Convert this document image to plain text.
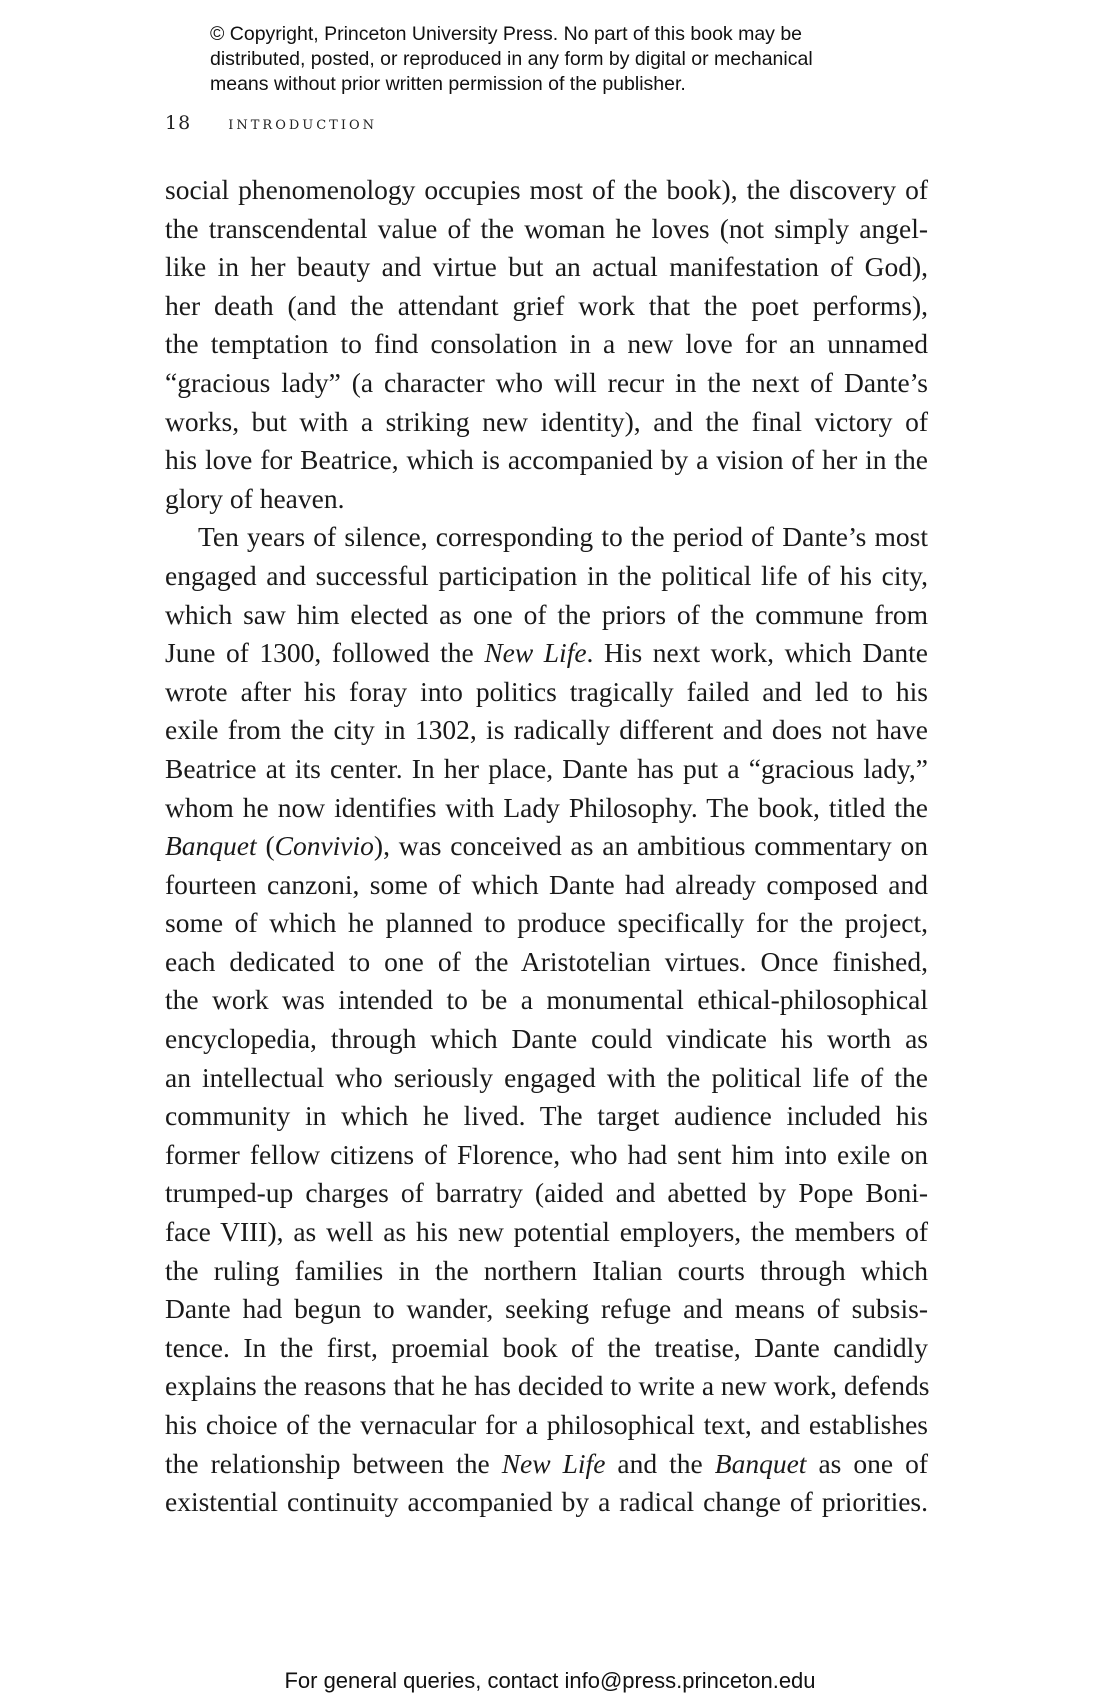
© Copyright, Princeton University Press. No part of this book may be
distributed, posted, or reproduced in any form by digital or mechanical
means without prior written permission of the publisher.
18 introduction
social phenomenology occupies most of the book), the discovery of
the transcendental value of the woman he loves (not simply angel-
like in her beauty and virtue but an actual manifestation of God),
her death (and the attendant grief work that the poet performs),
the temptation to find consolation in a new love for an unnamed
“gracious lady” (a character who will recur in the next of Dante’s
works, but with a striking new identity), and the final victory of
his love for Beatrice, which is accompanied by a vision of her in the
glory of heaven.
Ten years of silence, corresponding to the period of Dante’s most
engaged and successful participation in the political life of his city,
which saw him elected as one of the priors of the commune from
June of 1300, followed the New Life. His next work, which Dante
wrote after his foray into politics tragically failed and led to his
exile from the city in 1302, is radically different and does not have
Beatrice at its center. In her place, Dante has put a “gracious lady,”
whom he now identifies with Lady Philosophy. The book, titled the
Banquet (Convivio), was conceived as an ambitious commentary on
fourteen canzoni, some of which Dante had already composed and
some of which he planned to produce specifically for the project,
each dedicated to one of the Aristotelian virtues. Once finished,
the work was intended to be a monumental ethical-philosophical
encyclopedia, through which Dante could vindicate his worth as
an intellectual who seriously engaged with the political life of the
community in which he lived. The target audience included his
former fellow citizens of Florence, who had sent him into exile on
trumped-up charges of barratry (aided and abetted by Pope Boni-
face VIII), as well as his new potential employers, the members of
the ruling families in the northern Italian courts through which
Dante had begun to wander, seeking refuge and means of subsis-
tence. In the first, proemial book of the treatise, Dante candidly
explains the reasons that he has decided to write a new work, defends
his choice of the vernacular for a philosophical text, and establishes
the relationship between the New Life and the Banquet as one of
existential continuity accompanied by a radical change of priorities.
For general queries, contact info@press.princeton.edu
